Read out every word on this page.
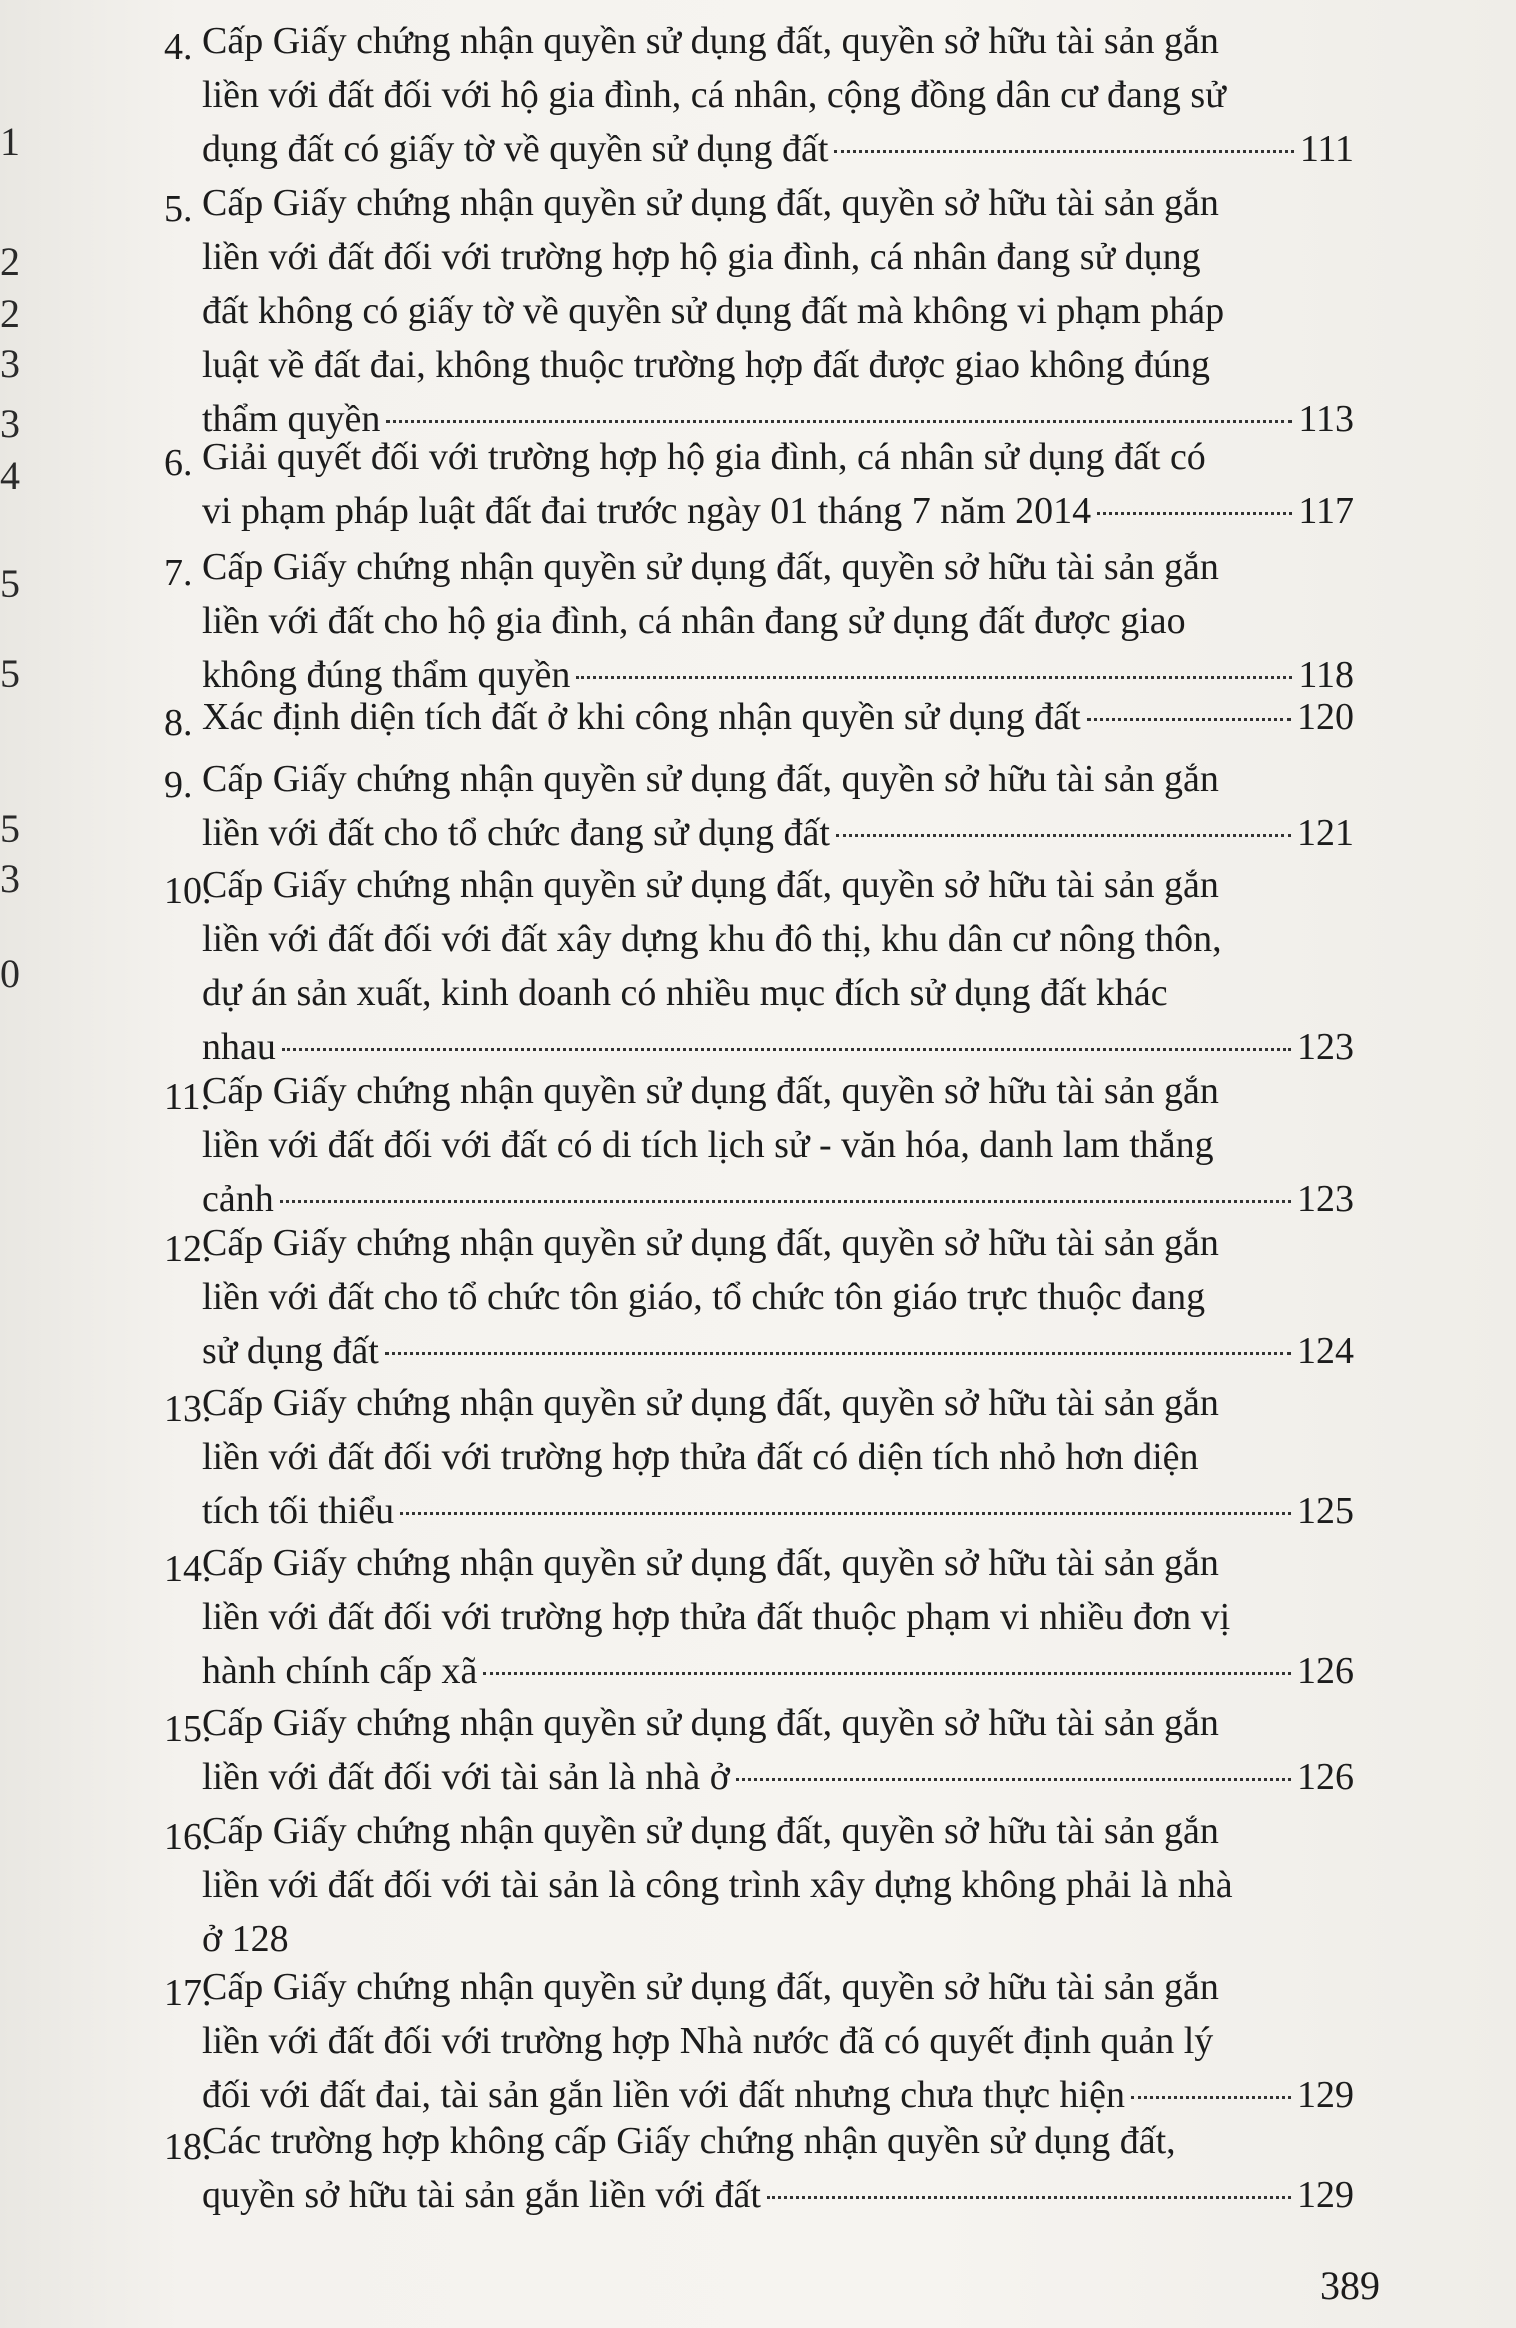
1
2
2
3
3
4
5
5
5
3
0
4. Cấp Giấy chứng nhận quyền sử dụng đất, quyền sở hữu tài sản gắn
liền với đất đối với hộ gia đình, cá nhân, cộng đồng dân cư đang sử
dụng đất có giấy tờ về quyền sử dụng đất	111
5. Cấp Giấy chứng nhận quyền sử dụng đất, quyền sở hữu tài sản gắn
liền với đất đối với trường hợp hộ gia đình, cá nhân đang sử dụng
đất không có giấy tờ về quyền sử dụng đất mà không vi phạm pháp
luật về đất đai, không thuộc trường hợp đất được giao không đúng
thẩm quyền	113
6. Giải quyết đối với trường hợp hộ gia đình, cá nhân sử dụng đất có
vi phạm pháp luật đất đai trước ngày 01 tháng 7 năm 2014	117
7. Cấp Giấy chứng nhận quyền sử dụng đất, quyền sở hữu tài sản gắn
liền với đất cho hộ gia đình, cá nhân đang sử dụng đất được giao
không đúng thẩm quyền	118
8. Xác định diện tích đất ở khi công nhận quyền sử dụng đất	120
9. Cấp Giấy chứng nhận quyền sử dụng đất, quyền sở hữu tài sản gắn
liền với đất cho tổ chức đang sử dụng đất	121
10.
Cấp Giấy chứng nhận quyền sử dụng đất, quyền sở hữu tài sản gắn
liền với đất đối với đất xây dựng khu đô thị, khu dân cư nông thôn,
dự án sản xuất, kinh doanh có nhiều mục đích sử dụng đất khác
nhau	123
11.
Cấp Giấy chứng nhận quyền sử dụng đất, quyền sở hữu tài sản gắn
liền với đất đối với đất có di tích lịch sử - văn hóa, danh lam thắng
cảnh	123
12.
Cấp Giấy chứng nhận quyền sử dụng đất, quyền sở hữu tài sản gắn
liền với đất cho tổ chức tôn giáo, tổ chức tôn giáo trực thuộc đang
sử dụng đất	124
13.
Cấp Giấy chứng nhận quyền sử dụng đất, quyền sở hữu tài sản gắn
liền với đất đối với trường hợp thửa đất có diện tích nhỏ hơn diện
tích tối thiểu	125
14.
Cấp Giấy chứng nhận quyền sử dụng đất, quyền sở hữu tài sản gắn
liền với đất đối với trường hợp thửa đất thuộc phạm vi nhiều đơn vị
hành chính cấp xã	126
15.
Cấp Giấy chứng nhận quyền sử dụng đất, quyền sở hữu tài sản gắn
liền với đất đối với tài sản là nhà ở	126
16.
Cấp Giấy chứng nhận quyền sử dụng đất, quyền sở hữu tài sản gắn
liền với đất đối với tài sản là công trình xây dựng không phải là nhà
ở 128
17.
Cấp Giấy chứng nhận quyền sử dụng đất, quyền sở hữu tài sản gắn
liền với đất đối với trường hợp Nhà nước đã có quyết định quản lý
đối với đất đai, tài sản gắn liền với đất nhưng chưa thực hiện	129
18.
Các trường hợp không cấp Giấy chứng nhận quyền sử dụng đất,
quyền sở hữu tài sản gắn liền với đất	129
389
